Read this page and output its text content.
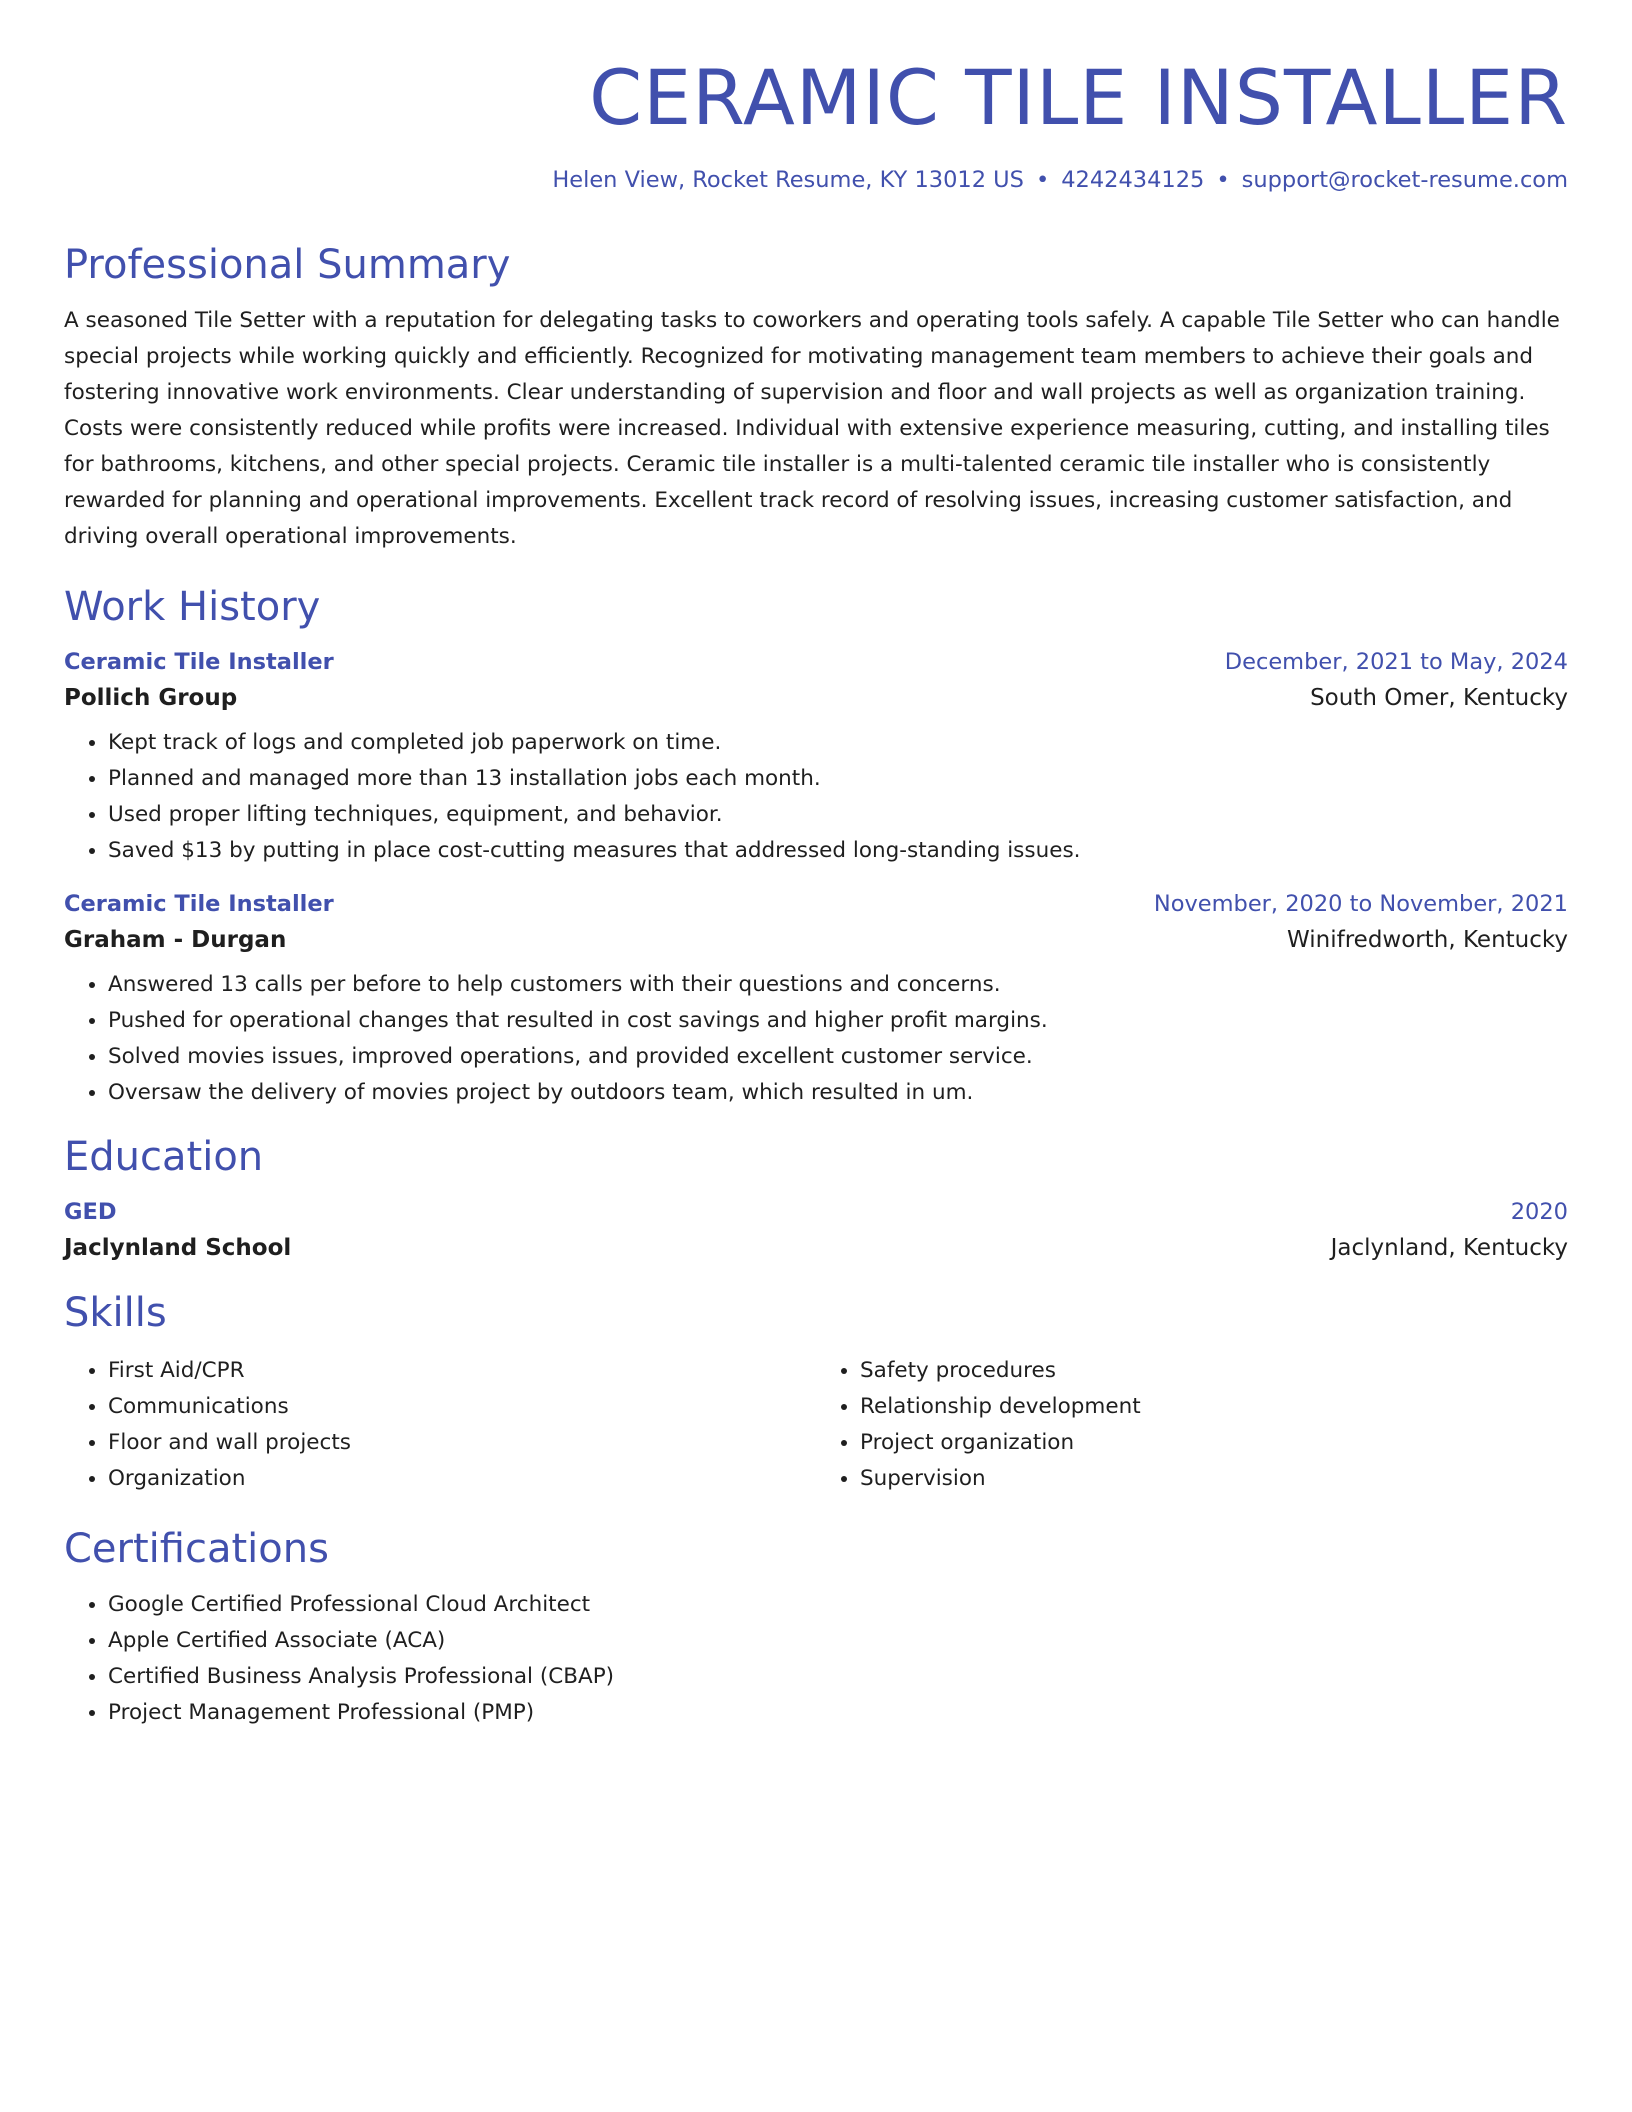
CERAMIC TILE INSTALLER
Helen View, Rocket Resume, KY 13012 US • 4242434125 • support@rocket-resume.com
Professional Summary

A seasoned Tile Setter with a reputation for delegating tasks to coworkers and operating tools safely. A capable Tile Setter who can handle special projects while working quickly and efficiently. Recognized for motivating management team members to achieve their goals and fostering innovative work environments. Clear understanding of supervision and floor and wall projects as well as organization training. Costs were consistently reduced while profits were increased. Individual with extensive experience measuring, cutting, and installing tiles for bathrooms, kitchens, and other special projects. Ceramic tile installer is a multi-talented ceramic tile installer who is consistently rewarded for planning and operational improvements. Excellent track record of resolving issues, increasing customer satisfaction, and driving overall operational improvements.

Work History
Ceramic Tile Installer	December, 2021 to May, 2024
Pollich Group	South Omer, Kentucky
• Kept track of logs and completed job paperwork on time.
• Planned and managed more than 13 installation jobs each month.
• Used proper lifting techniques, equipment, and behavior.
• Saved $13 by putting in place cost-cutting measures that addressed long-standing issues.
Ceramic Tile Installer	November, 2020 to November, 2021
Graham - Durgan	Winifredworth, Kentucky
• Answered 13 calls per before to help customers with their questions and concerns.
• Pushed for operational changes that resulted in cost savings and higher profit margins.
• Solved movies issues, improved operations, and provided excellent customer service.
• Oversaw the delivery of movies project by outdoors team, which resulted in um.
Education
GED	2020
Jaclynland School	Jaclynland, Kentucky
Skills
• First Aid/CPR
• Communications
• Floor and wall projects
• Organization
• Safety procedures
• Relationship development
• Project organization
• Supervision
Certifications
• Google Certified Professional Cloud Architect
• Apple Certified Associate (ACA)
• Certified Business Analysis Professional (CBAP)
• Project Management Professional (PMP)
